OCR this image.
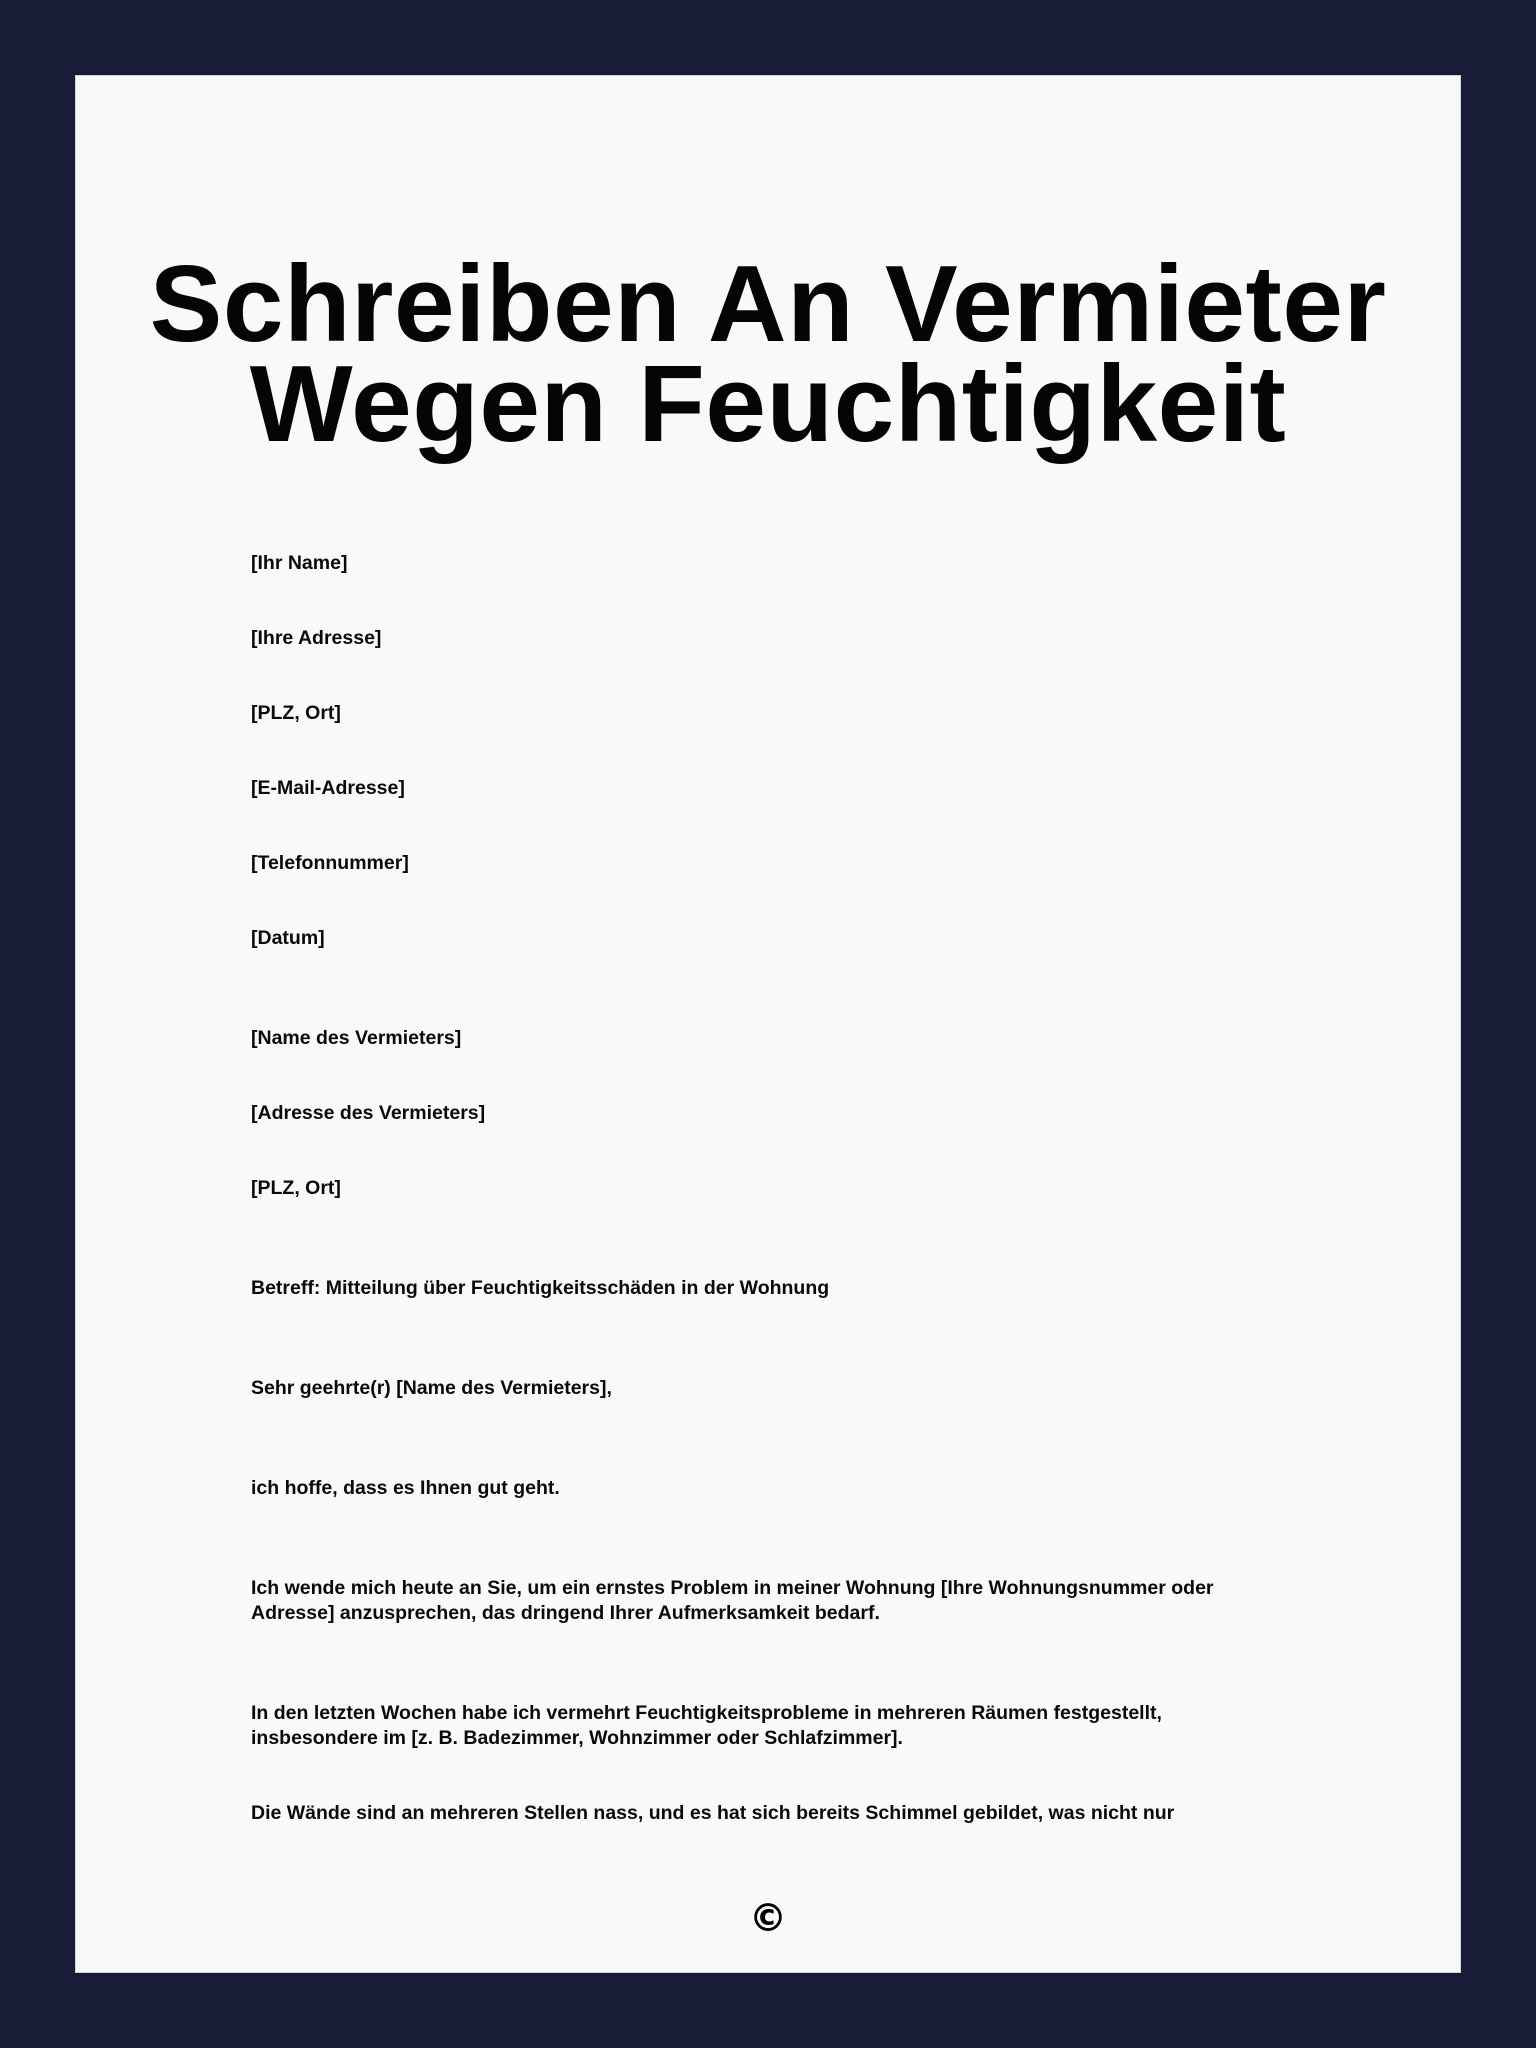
Schreiben An Vermieter
Wegen Feuchtigkeit

[Ihr Name]

[Ihre Adresse]

[PLZ, Ort]

[E-Mail-Adresse]

[Telefonnummer]

[Datum]

[Name des Vermieters]

[Adresse des Vermieters]

[PLZ, Ort]

Betreff: Mitteilung über Feuchtigkeitsschäden in der Wohnung

Sehr geehrte(r) [Name des Vermieters],

ich hoffe, dass es Ihnen gut geht.

Ich wende mich heute an Sie, um ein ernstes Problem in meiner Wohnung [Ihre Wohnungsnummer oder Adresse] anzusprechen, das dringend Ihrer Aufmerksamkeit bedarf.

In den letzten Wochen habe ich vermehrt Feuchtigkeitsprobleme in mehreren Räumen festgestellt, insbesondere im [z. B. Badezimmer, Wohnzimmer oder Schlafzimmer].

Die Wände sind an mehreren Stellen nass, und es hat sich bereits Schimmel gebildet, was nicht nur

©
